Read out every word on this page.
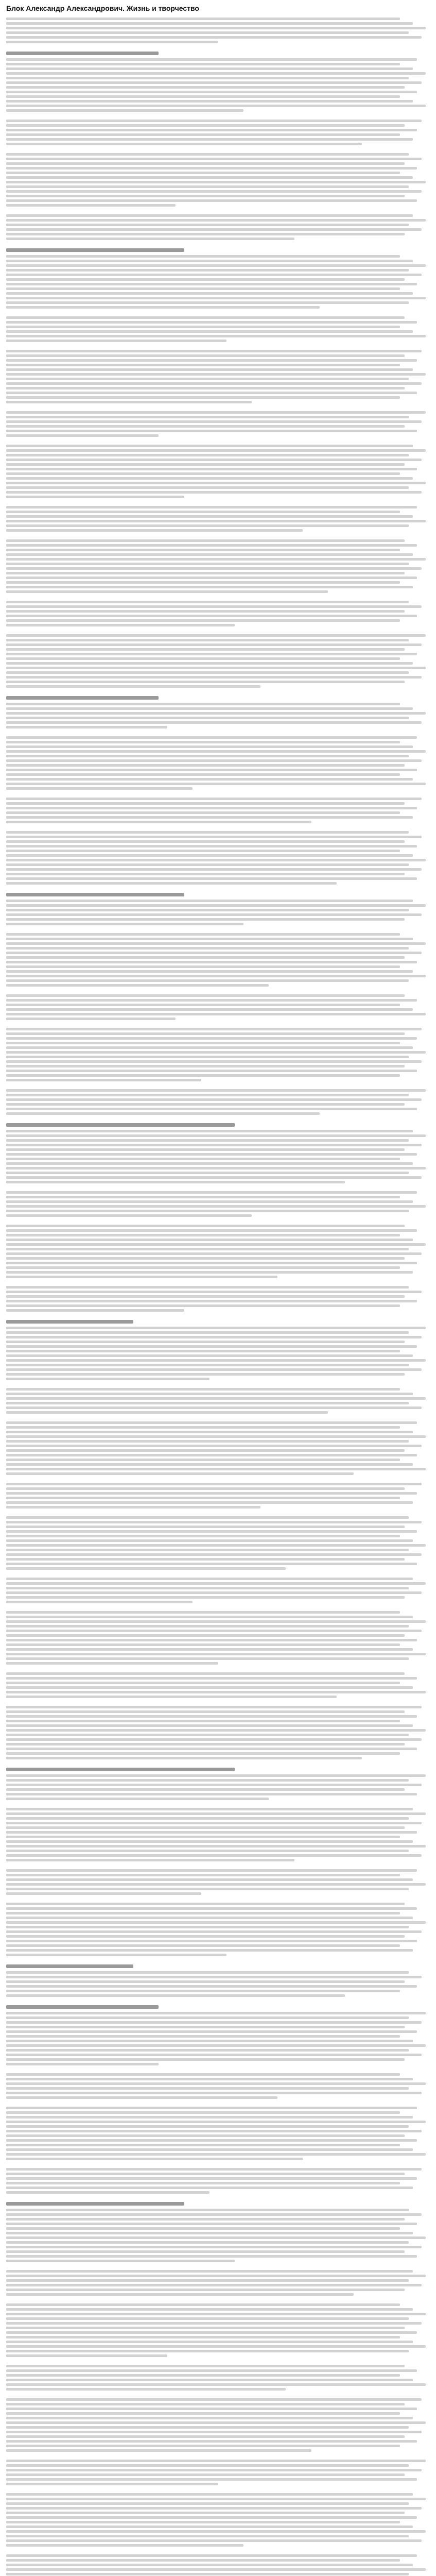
Блок Александр Александрович. Жизнь и творчество
